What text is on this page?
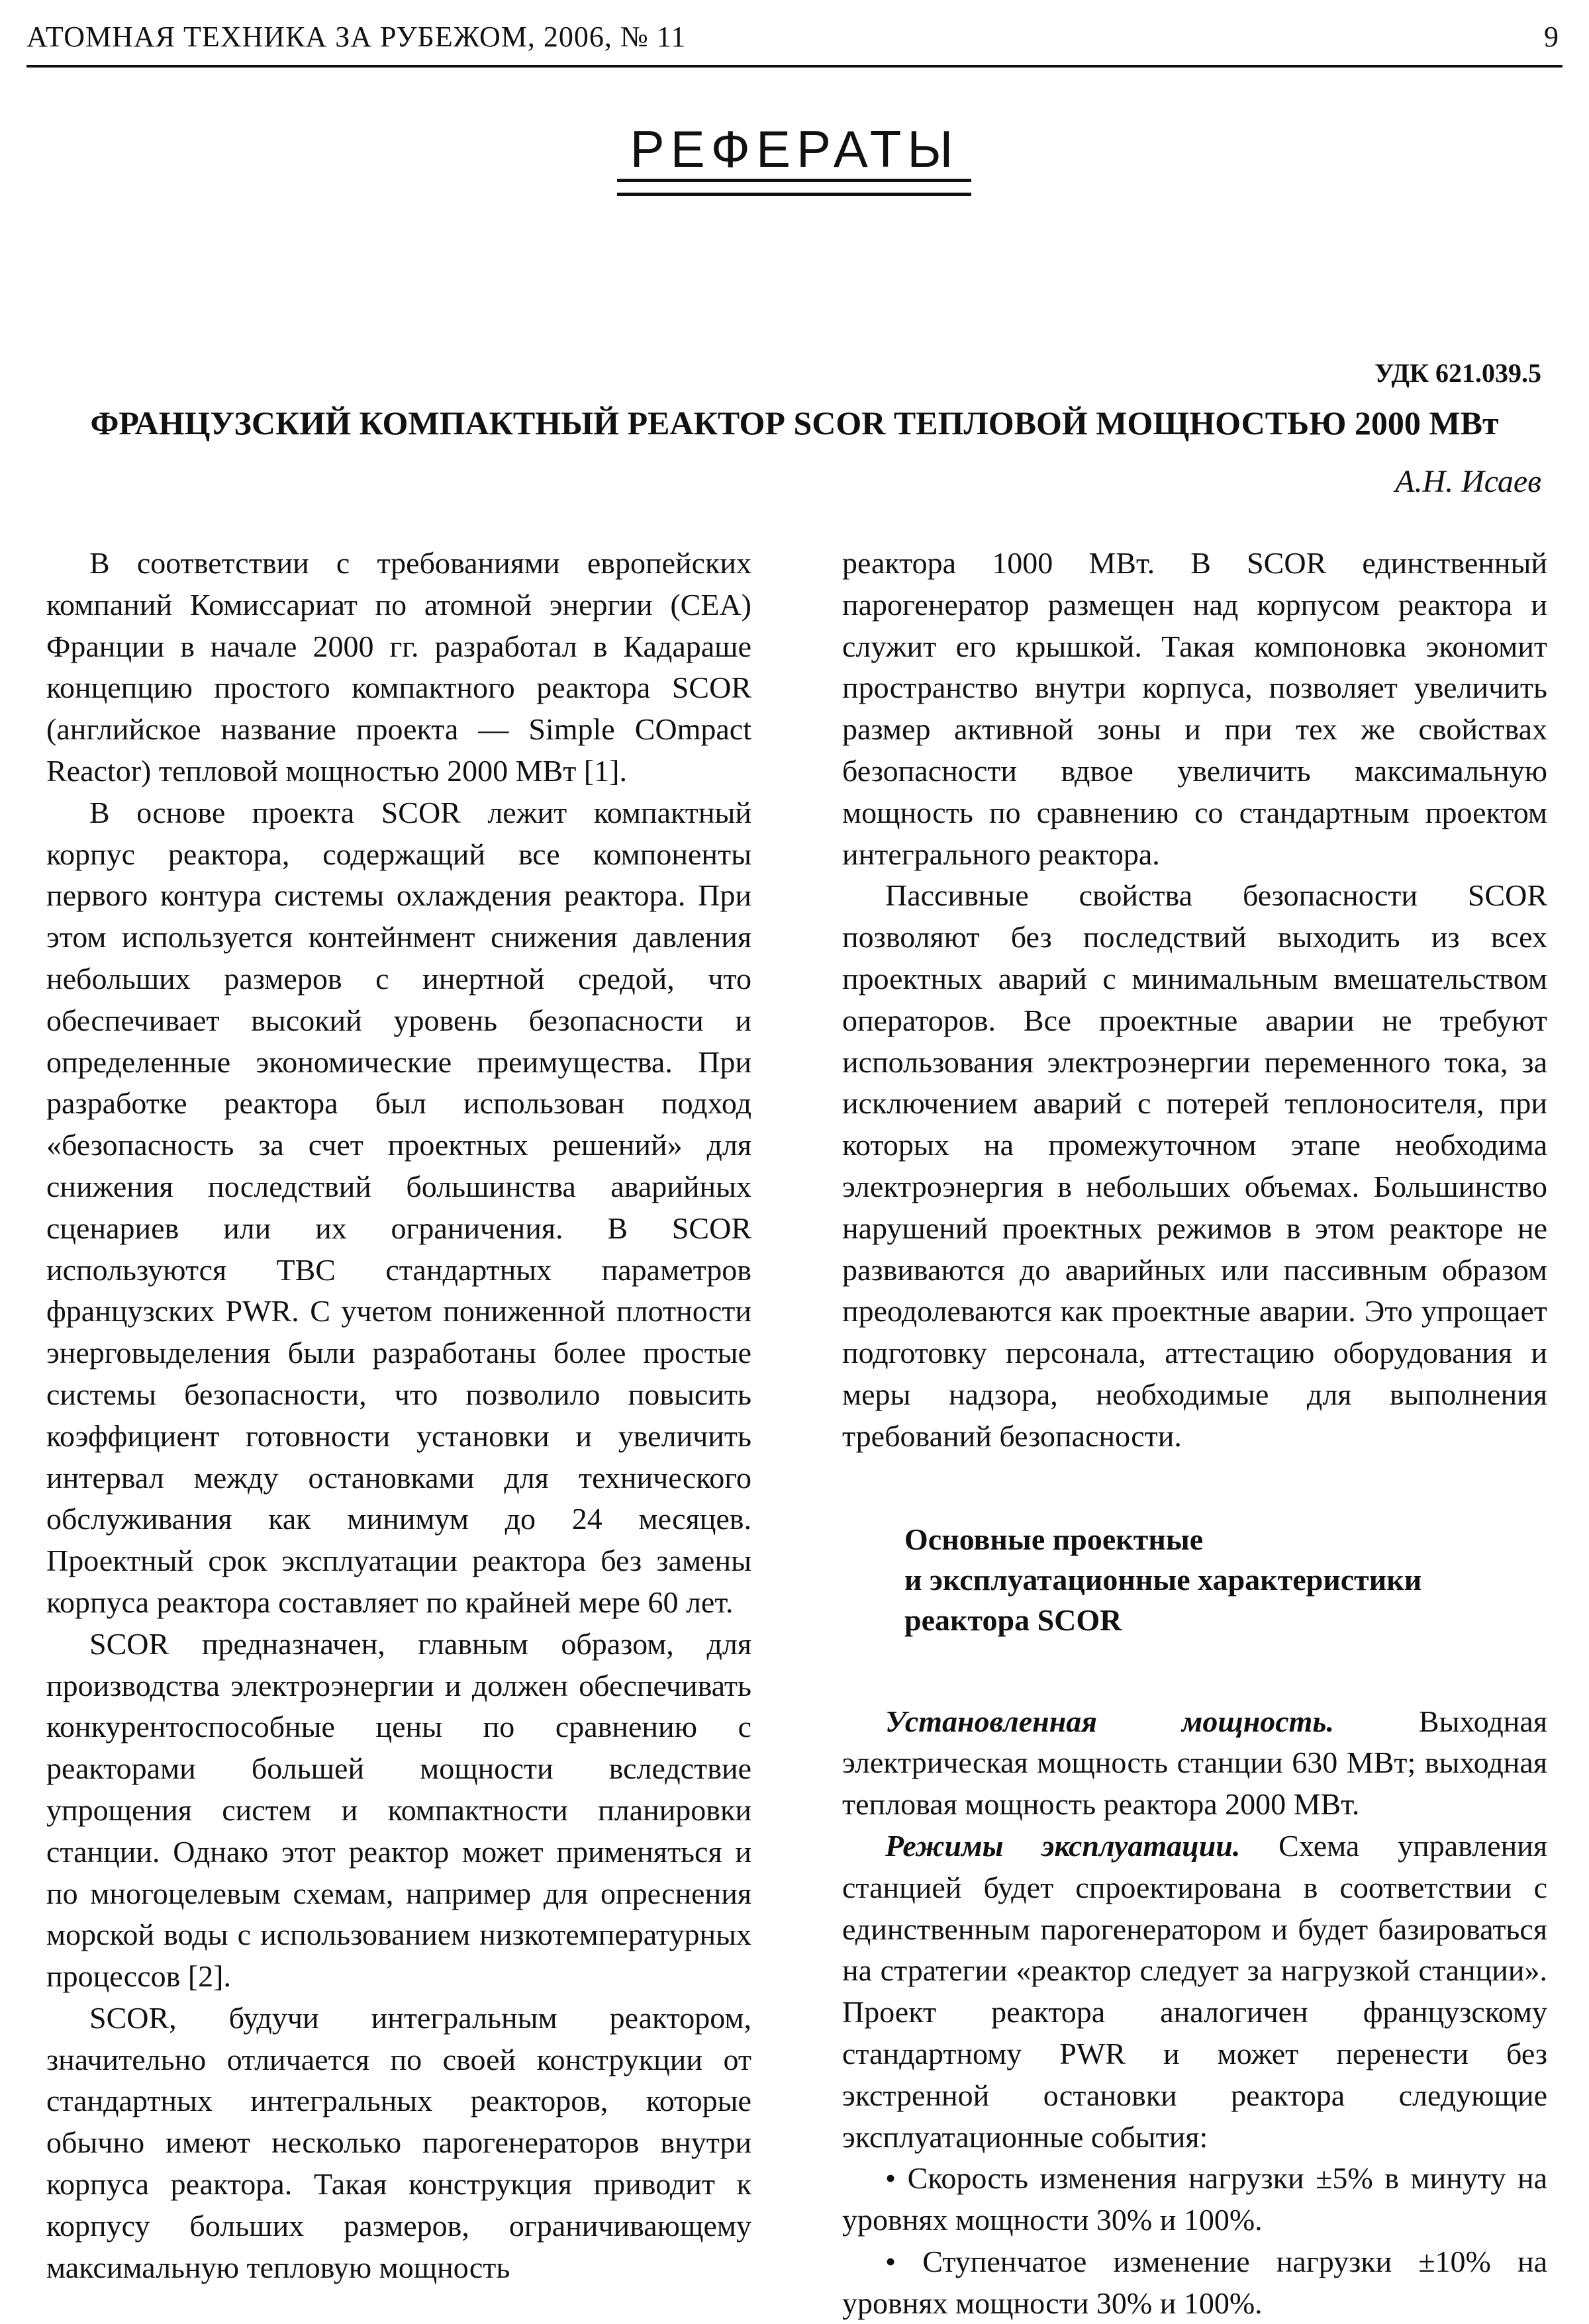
АТОМНАЯ ТЕХНИКА ЗА РУБЕЖОМ, 2006, № 11	9
РЕФЕРАТЫ
УДК 621.039.5
ФРАНЦУЗСКИЙ КОМПАКТНЫЙ РЕАКТОР SCOR ТЕПЛОВОЙ МОЩНОСТЬЮ 2000 МВт
А.Н. Исаев

В соответствии с требованиями европейских компаний Комиссариат по атомной энергии (CEA) Франции в начале 2000 гг. разработал в Кадараше концепцию простого компактного реактора SCOR (английское название проекта — Simple COmpact Reactor) тепловой мощностью 2000 МВт [1].

В основе проекта SCOR лежит компактный корпус реактора, содержащий все компоненты первого контура системы охлаждения реактора. При этом используется контейнмент снижения давления небольших размеров с инертной средой, что обеспечивает высокий уровень безопасности и определенные экономические преимущества. При разработке реактора был использован подход «безопасность за счет проектных решений» для снижения последствий большинства аварийных сценариев или их ограничения. В SCOR используются ТВС стандартных параметров французских PWR. С учетом пониженной плотности энерговыделения были разработаны более простые системы безопасности, что позволило повысить коэффициент готовности установки и увеличить интервал между остановками для технического обслуживания как минимум до 24 месяцев. Проектный срок эксплуатации реактора без замены корпуса реактора составляет по крайней мере 60 лет.

SCOR предназначен, главным образом, для производства электроэнергии и должен обеспечивать конкурентоспособные цены по сравнению с реакторами большей мощности вследствие упрощения систем и компактности планировки станции. Однако этот реактор может применяться и по многоцелевым схемам, например для опреснения морской воды с использованием низкотемпературных процессов [2].

SCOR, будучи интегральным реактором, значительно отличается по своей конструкции от стандартных интегральных реакторов, которые обычно имеют несколько парогенераторов внутри корпуса реактора. Такая конструкция приводит к корпусу больших размеров, ограничивающему максимальную тепловую мощность

реактора 1000 МВт. В SCOR единственный парогенератор размещен над корпусом реактора и служит его крышкой. Такая компоновка экономит пространство внутри корпуса, позволяет увеличить размер активной зоны и при тех же свойствах безопасности вдвое увеличить максимальную мощность по сравнению со стандартным проектом интегрального реактора.

Пассивные свойства безопасности SCOR позволяют без последствий выходить из всех проектных аварий с минимальным вмешательством операторов. Все проектные аварии не требуют использования электроэнергии переменного тока, за исключением аварий с потерей теплоносителя, при которых на промежуточном этапе необходима электроэнергия в небольших объемах. Большинство нарушений проектных режимов в этом реакторе не развиваются до аварийных или пассивным образом преодолеваются как проектные аварии. Это упрощает подготовку персонала, аттестацию оборудования и меры надзора, необходимые для выполнения требований безопасности.

Основные проектные
и эксплуатационные характеристики
реактора SCOR

Установленная мощность.	Выходная электрическая мощность станции 630 МВт; выходная тепловая мощность реактора 2000 МВт.

Режимы эксплуатации. Схема управления станцией будет спроектирована в соответствии с единственным парогенератором и будет базироваться на стратегии «реактор следует за нагрузкой станции». Проект реактора аналогичен французскому стандартному PWR и может перенести без экстренной остановки реактора следующие эксплуатационные события:

• Скорость изменения нагрузки ±5% в минуту на уровнях мощности 30% и 100%.

• Ступенчатое изменение нагрузки ±10% на уровнях мощности 30% и 100%.
